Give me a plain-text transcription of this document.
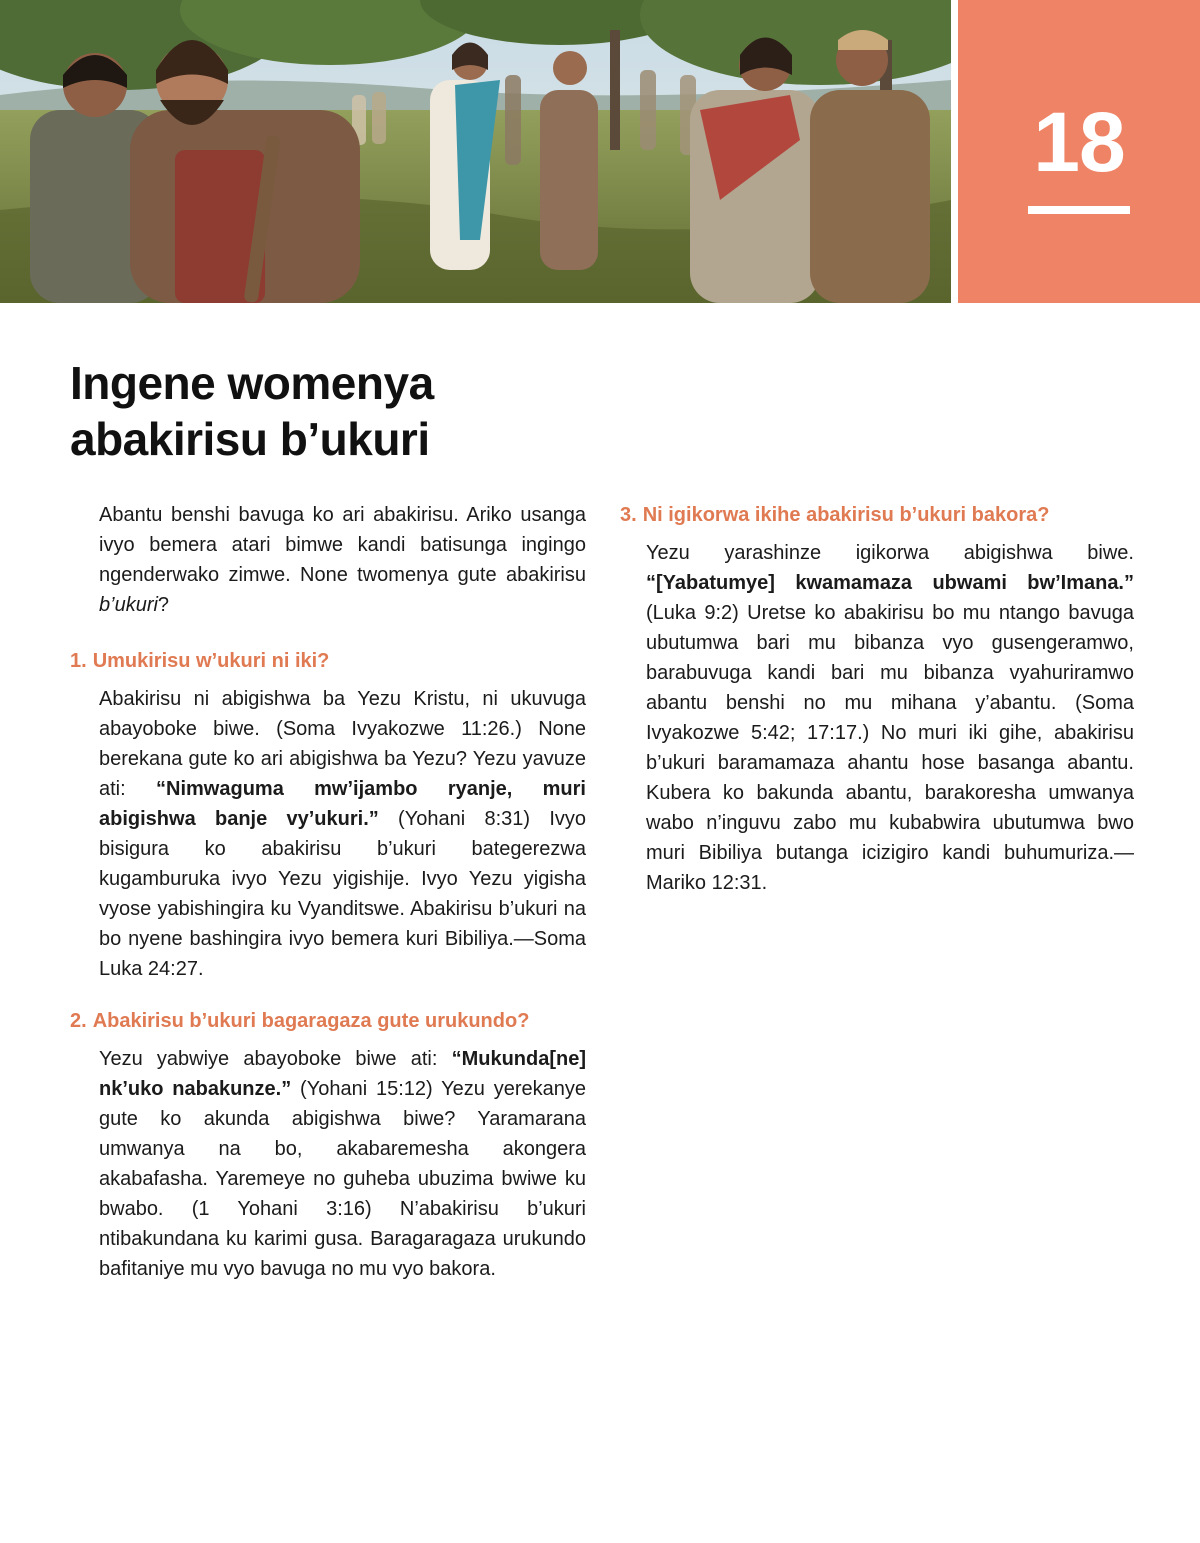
18
Ingene womenya
abakirisu b’ukuri

Abantu benshi bavuga ko ari abakirisu. Ariko usanga ivyo bemera atari bimwe kandi batisunga ingingo ngenderwako zimwe. None twomenya gute abakirisu b’ukuri?

1. Umukirisu w’ukuri ni iki?

Abakirisu ni abigishwa ba Yezu Kristu, ni ukuvuga abayoboke biwe. (Soma Ivyakozwe 11:26.) None berekana gute ko ari abigishwa ba Yezu? Yezu yavuze ati: “Nimwaguma mw’ijambo ryanje, muri abigishwa banje vy’ukuri.” (Yohani 8:31) Ivyo bisigura ko abakirisu b’ukuri bategerezwa kugamburuka ivyo Yezu yigishije. Ivyo Yezu yigisha vyose yabishingira ku Vyanditswe. Abakirisu b’ukuri na bo nyene bashingira ivyo bemera kuri Bibiliya.—Soma Luka 24:27.

2. Abakirisu b’ukuri bagaragaza gute urukundo?

Yezu yabwiye abayoboke biwe ati: “Mukunda[ne] nk’uko nabakunze.” (Yohani 15:12) Yezu yerekanye gute ko akunda abigishwa biwe? Yaramarana umwanya na bo, akabaremesha akongera akabafasha. Yaremeye no guheba ubuzima bwiwe ku bwabo. (1 Yohani 3:16) N’abakirisu b’ukuri ntibakundana ku karimi gusa. Baragaragaza urukundo bafitaniye mu vyo bavuga no mu vyo bakora.

3. Ni igikorwa ikihe abakirisu b’ukuri bakora?

Yezu yarashinze igikorwa abigishwa biwe. “[Yabatumye] kwamamaza ubwami bw’Imana.” (Luka 9:2) Uretse ko abakirisu bo mu ntango bavuga ubutumwa bari mu bibanza vyo gusengeramwo, barabuvuga kandi bari mu bibanza vyahuriramwo abantu benshi no mu mihana y’abantu. (Soma Ivyakozwe 5:42; 17:17.) No muri iki gihe, abakirisu b’ukuri baramamaza ahantu hose basanga abantu. Kubera ko bakunda abantu, barakoresha umwanya wabo n’inguvu zabo mu kubabwira ubutumwa bwo muri Bibiliya butanga icizigiro kandi buhumuriza.—Mariko 12:31.
